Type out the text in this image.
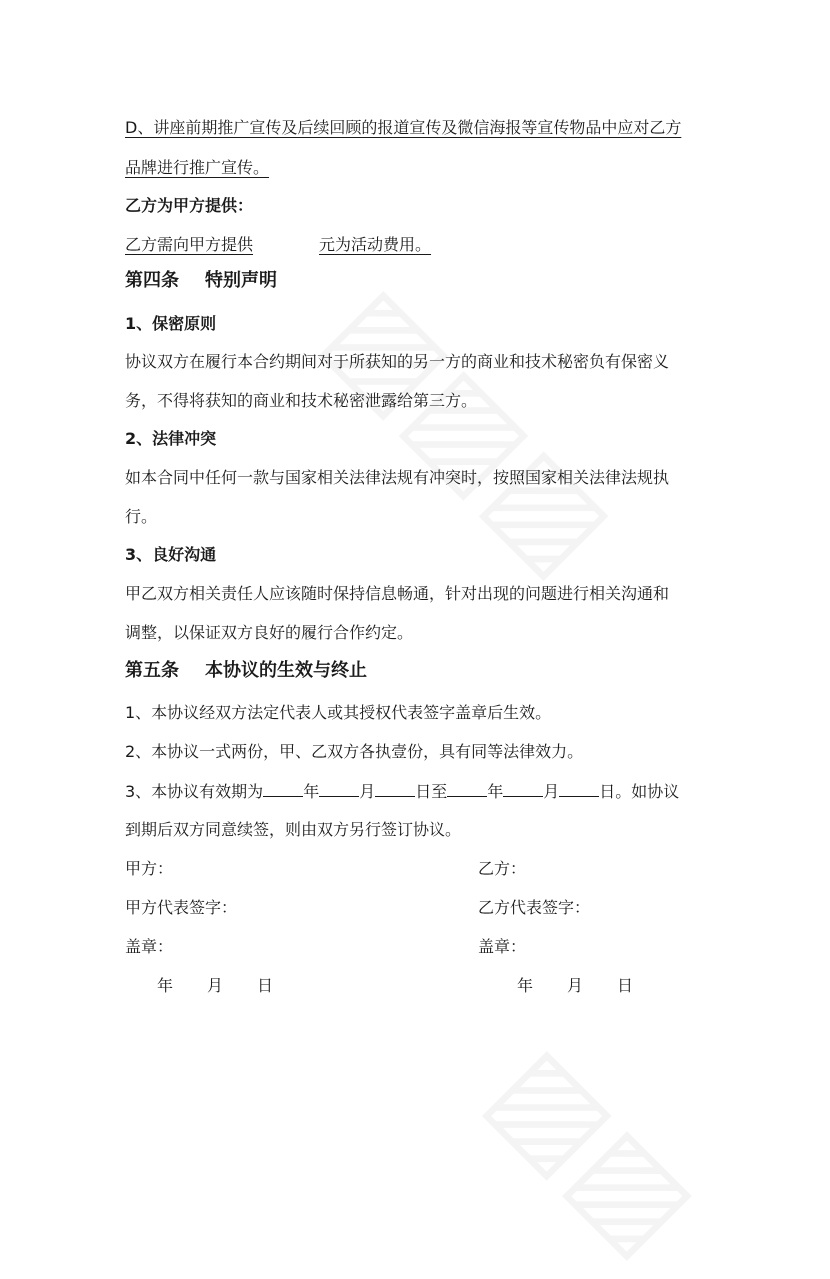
D、讲座前期推广宣传及后续回顾的报道宣传及微信海报等宣传物品中应对乙方
品牌进行推广宣传。
乙方为甲方提供：
乙方需向甲方提供	元为活动费用。
第四条 特别声明
1、保密原则
协议双方在履行本合约期间对于所获知的另一方的商业和技术秘密负有保密义
务，不得将获知的商业和技术秘密泄露给第三方。
2、法律冲突
如本合同中任何一款与国家相关法律法规有冲突时，按照国家相关法律法规执
行。
3、良好沟通
甲乙双方相关责任人应该随时保持信息畅通，针对出现的问题进行相关沟通和
调整，以保证双方良好的履行合作约定。
第五条 本协议的生效与终止
1、本协议经双方法定代表人或其授权代表签字盖章后生效。
2、本协议一式两份，甲、乙双方各执壹份，具有同等法律效力。
3、本协议有效期为	年	月	日至	年	月	日。如协议
到期后双方同意续签，则由双方另行签订协议。
甲方：	乙方：
甲方代表签字：	乙方代表签字：
盖章：	盖章：
年 月 日	年 月 日
